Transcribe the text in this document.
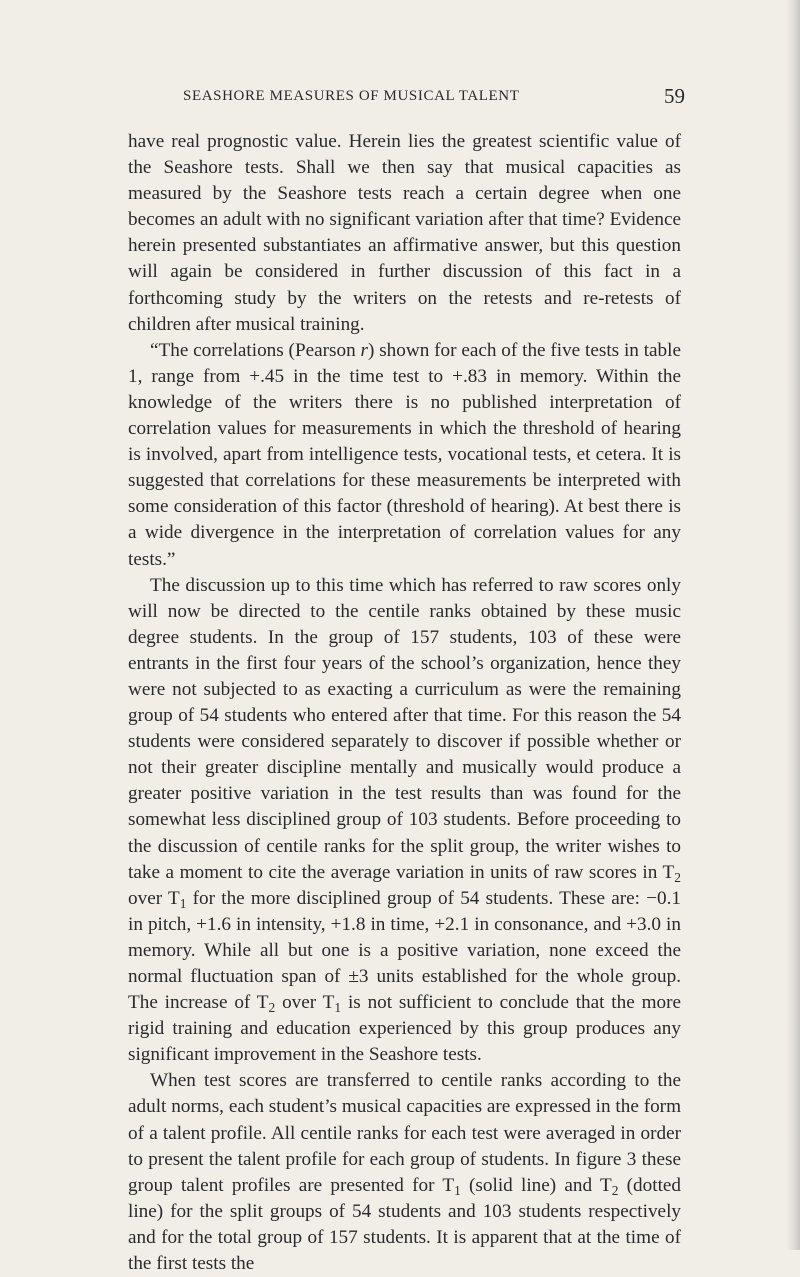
SEASHORE MEASURES OF MUSICAL TALENT	59

have real prognostic value. Herein lies the greatest scientific value of the Seashore tests. Shall we then say that musical capacities as measured by the Seashore tests reach a certain degree when one becomes an adult with no significant variation after that time? Evidence herein presented substantiates an affirmative answer, but this question will again be considered in further discussion of this fact in a forthcoming study by the writers on the retests and re-retests of children after musical training.

“The correlations (Pearson r) shown for each of the five tests in table 1, range from +.45 in the time test to +.83 in memory. Within the knowledge of the writers there is no published interpretation of correlation values for measurements in which the threshold of hearing is involved, apart from intelligence tests, vocational tests, et cetera. It is suggested that correlations for these measurements be interpreted with some consideration of this factor (threshold of hearing). At best there is a wide divergence in the interpretation of correlation values for any tests.”

The discussion up to this time which has referred to raw scores only will now be directed to the centile ranks obtained by these music degree students. In the group of 157 students, 103 of these were entrants in the first four years of the school’s organization, hence they were not subjected to as exacting a curriculum as were the remaining group of 54 students who entered after that time. For this reason the 54 students were considered separately to discover if possible whether or not their greater discipline mentally and musically would produce a greater positive variation in the test results than was found for the somewhat less disciplined group of 103 students. Before proceeding to the discussion of centile ranks for the split group, the writer wishes to take a moment to cite the average variation in units of raw scores in $T_2$ over $T_1$ for the more disciplined group of 54 students. These are: −0.1 in pitch, +1.6 in intensity, +1.8 in time, +2.1 in consonance, and +3.0 in memory. While all but one is a positive variation, none exceed the normal fluctuation span of ±3 units established for the whole group. The increase of $T_2$ over $T_1$ is not sufficient to conclude that the more rigid training and education experienced by this group produces any significant improvement in the Seashore tests.

When test scores are transferred to centile ranks according to the adult norms, each student’s musical capacities are expressed in the form of a talent profile. All centile ranks for each test were averaged in order to present the talent profile for each group of students. In figure 3 these group talent profiles are presented for $T_1$ (solid line) and $T_2$ (dotted line) for the split groups of 54 students and 103 students respectively and for the total group of 157 students. It is apparent that at the time of the first tests the
